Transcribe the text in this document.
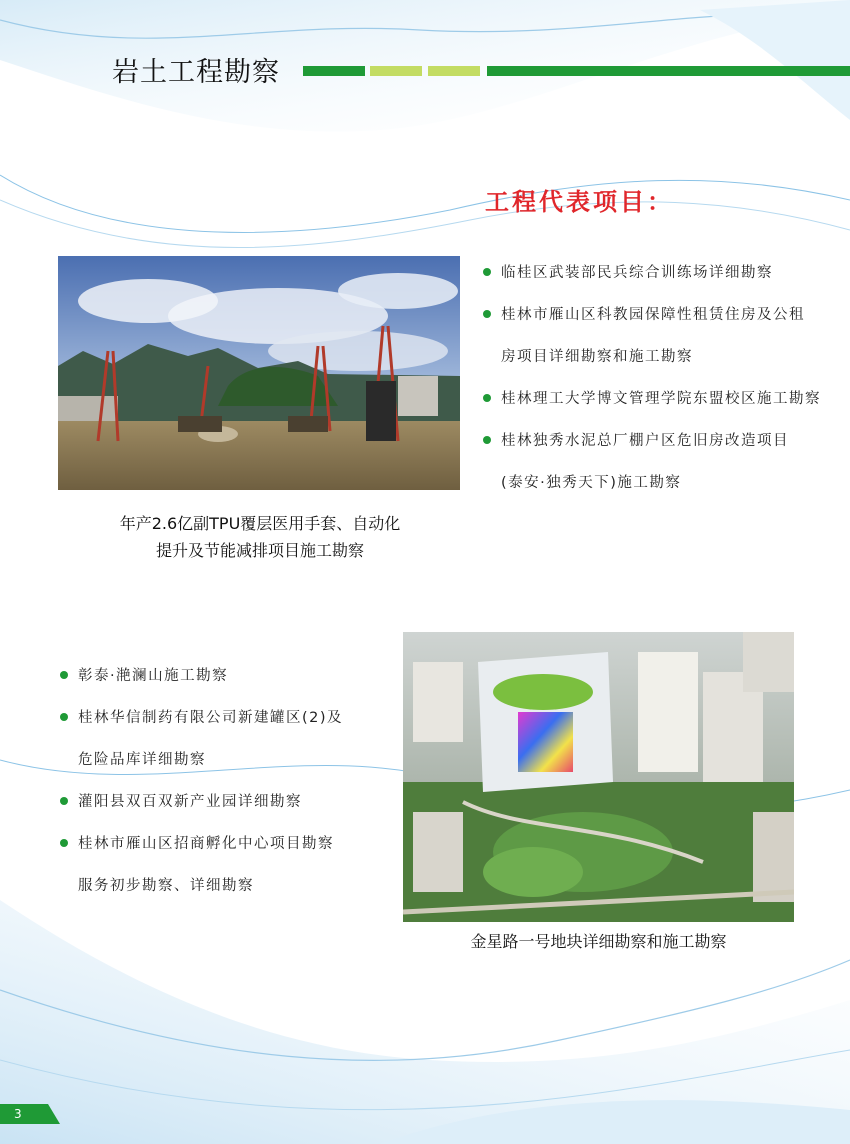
岩土工程勘察
工程代表项目：
临桂区武装部民兵综合训练场详细勘察
桂林市雁山区科教园保障性租赁住房及公租
房项目详细勘察和施工勘察
桂林理工大学博文管理学院东盟校区施工勘察
桂林独秀水泥总厂棚户区危旧房改造项目
(泰安·独秀天下)施工勘察
年产2.6亿副TPU覆层医用手套、自动化
提升及节能减排项目施工勘察
彰泰·滟澜山施工勘察
桂林华信制药有限公司新建罐区(2)及
危险品库详细勘察
灌阳县双百双新产业园详细勘察
桂林市雁山区招商孵化中心项目勘察
服务初步勘察、详细勘察
金星路一号地块详细勘察和施工勘察
3
